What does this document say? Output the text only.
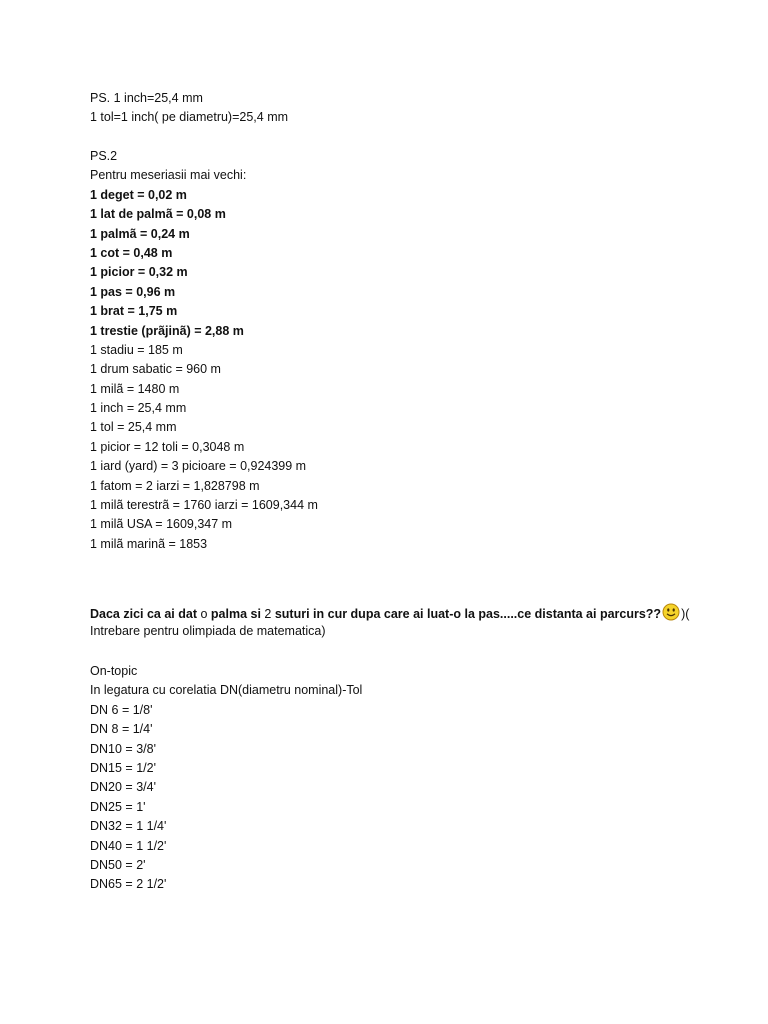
PS. 1 inch=25,4 mm
1 tol=1 inch( pe diametru)=25,4 mm
PS.2
Pentru meseriasii mai vechi:
1 deget = 0,02 m
1 lat de palmã = 0,08 m
1 palmã = 0,24 m
1 cot = 0,48 m
1 picior = 0,32 m
1 pas = 0,96 m
1 brat = 1,75 m
1 trestie (prãjinã) = 2,88 m
1 stadiu = 185 m
1 drum sabatic = 960 m
1 milã = 1480 m
1 inch = 25,4 mm
1 tol = 25,4 mm
1 picior = 12 toli = 0,3048 m
1 iard (yard) = 3 picioare = 0,924399 m
1 fatom = 2 iarzi = 1,828798 m
1 milã terestrã = 1760 iarzi = 1609,344 m
1 milã USA = 1609,347 m
1 milã marinã = 1853
Daca zici ca ai dat o palma si 2 suturi in cur dupa care ai luat-o la pas.....ce distanta ai parcurs?? )(
Intrebare pentru olimpiada de matematica)
On-topic
In legatura cu corelatia DN(diametru nominal)-Tol
DN 6 = 1/8'
DN 8 = 1/4'
DN10 = 3/8'
DN15 = 1/2'
DN20 = 3/4'
DN25 = 1'
DN32 = 1 1/4'
DN40 = 1 1/2'
DN50 = 2'
DN65 = 2 1/2'
